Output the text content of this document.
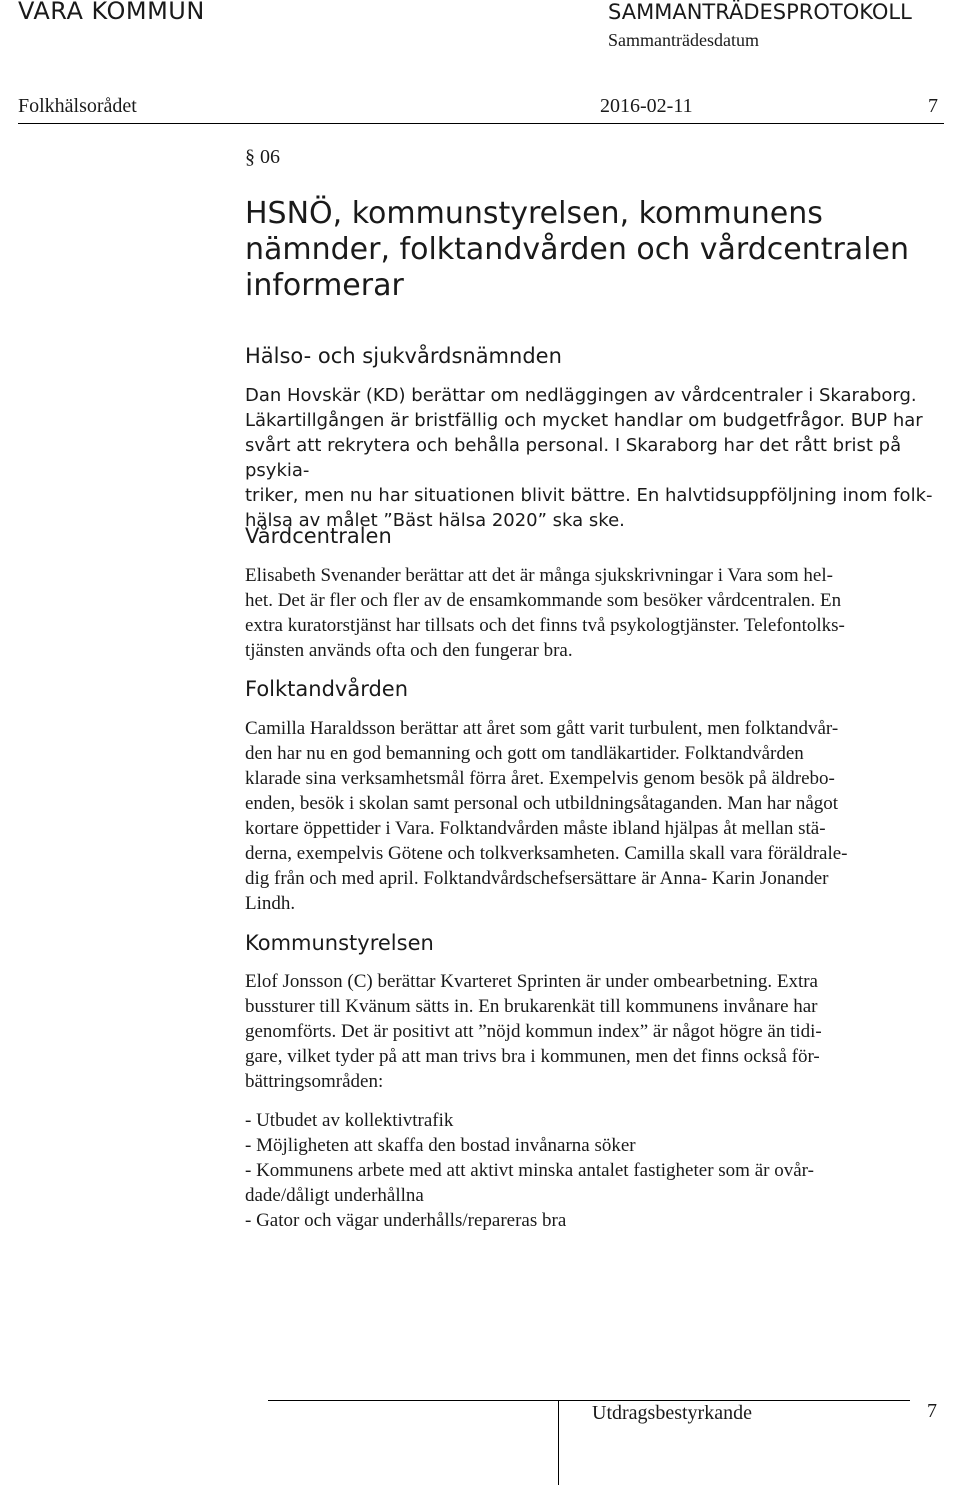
VARA KOMMUN	SAMMANTRÄDESPROTOKOLL
Sammanträdesdatum
Folkhälsorådet	2016-02-11	7
§ 06
HSNÖ, kommunstyrelsen, kommunens nämnder, folktandvården och vårdcentralen informerar
Hälso- och sjukvårdsnämnden
Dan Hovskär (KD) berättar om nedläggingen av vårdcentraler i Skaraborg.
Läkartillgången är bristfällig och mycket handlar om budgetfrågor. BUP har
svårt att rekrytera och behålla personal. I Skaraborg har det rått brist på psykia-
triker, men nu har situationen blivit bättre. En halvtidsuppföljning inom folk-
hälsa av målet ”Bäst hälsa 2020” ska ske.
Vårdcentralen
Elisabeth Svenander berättar att det är många sjukskrivningar i Vara som hel-
het. Det är fler och fler av de ensamkommande som besöker vårdcentralen. En
extra kuratorstjänst har tillsats och det finns två psykologtjänster. Telefontolks-
tjänsten används ofta och den fungerar bra.
Folktandvården
Camilla Haraldsson berättar att året som gått varit turbulent, men folktandvår-
den har nu en god bemanning och gott om tandläkartider. Folktandvården
klarade sina verksamhetsmål förra året. Exempelvis genom besök på äldrebo-
enden, besök i skolan samt personal och utbildningsåtaganden. Man har något
kortare öppettider i Vara. Folktandvården måste ibland hjälpas åt mellan stä-
derna, exempelvis Götene och tolkverksamheten. Camilla skall vara föräldrale-
dig från och med april. Folktandvårdschefsersättare är Anna- Karin Jonander
Lindh.
Kommunstyrelsen
Elof Jonsson (C) berättar Kvarteret Sprinten är under ombearbetning. Extra
bussturer till Kvänum sätts in. En brukarenkät till kommunens invånare har
genomförts. Det är positivt att ”nöjd kommun index” är något högre än tidi-
gare, vilket tyder på att man trivs bra i kommunen, men det finns också för-
bättringsområden:
- Utbudet av kollektivtrafik
- Möjligheten att skaffa den bostad invånarna söker
- Kommunens arbete med att aktivt minska antalet fastigheter som är ovår-
dade/dåligt underhållna
- Gator och vägar underhålls/repareras bra
Utdragsbestyrkande	7
